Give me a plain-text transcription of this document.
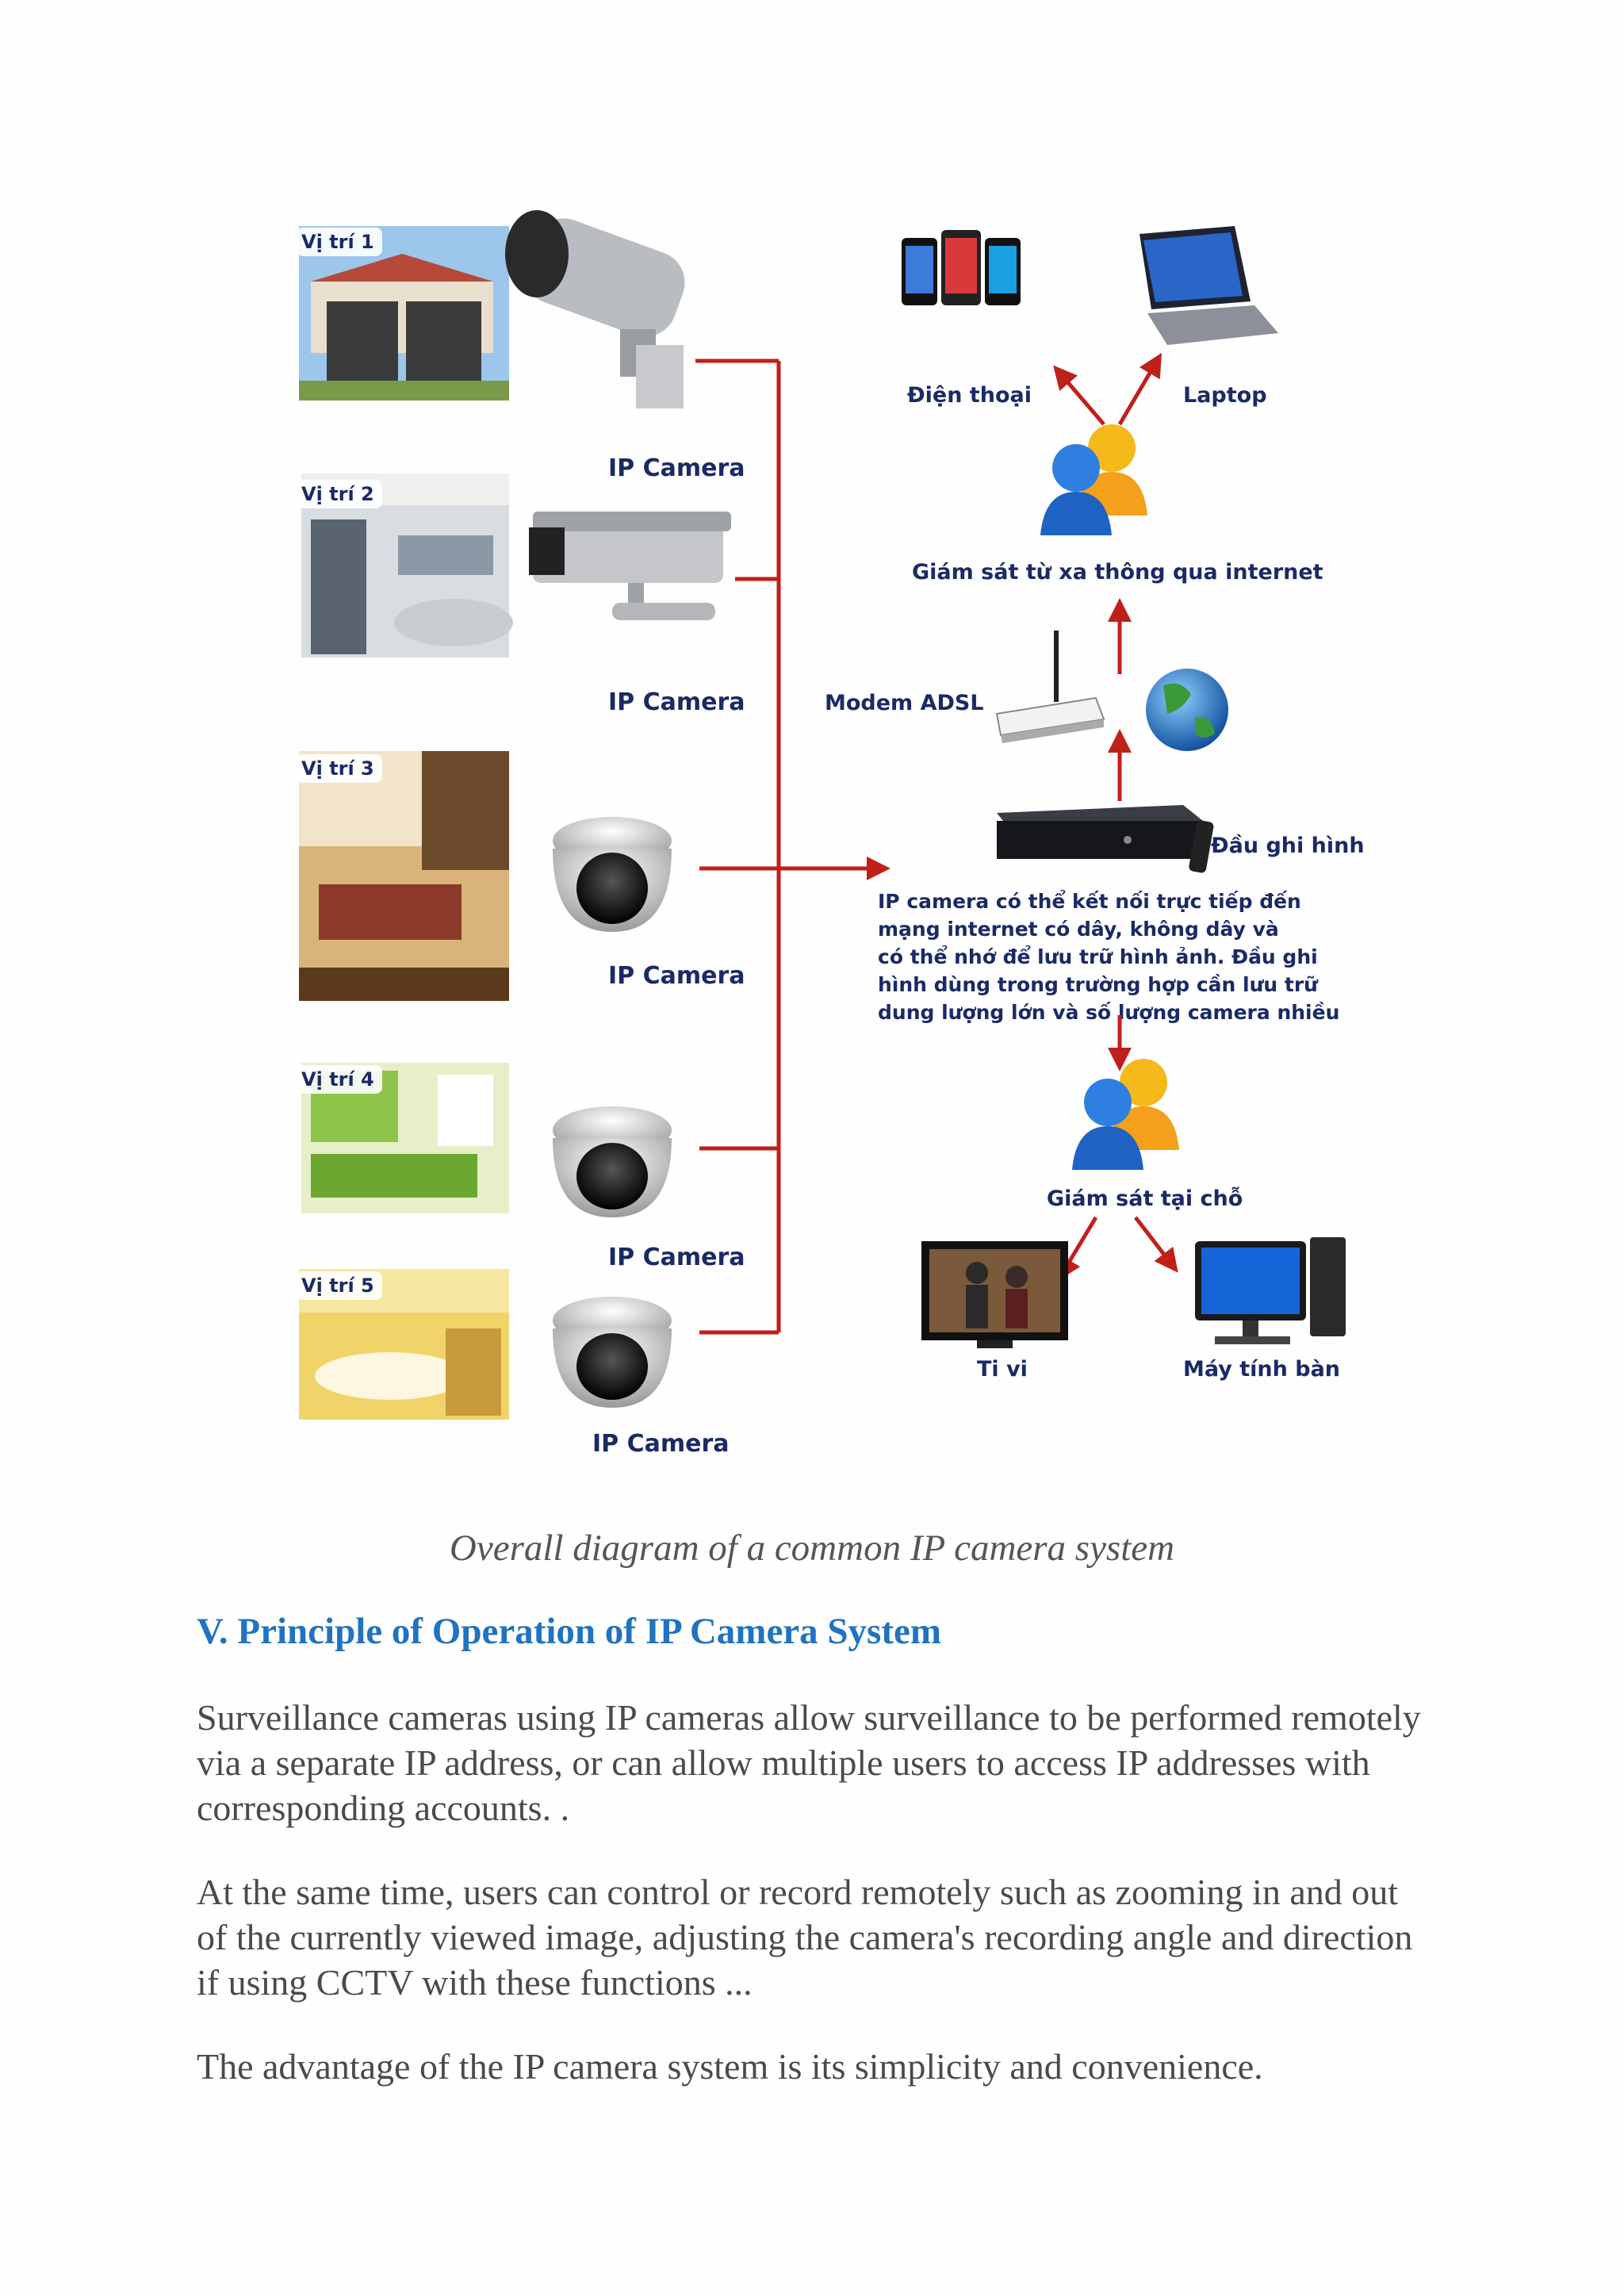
Vị trí 1
Vị trí 2
Vị trí 3
Vị trí 4
Vị trí 5
IP Camera
IP Camera
IP Camera
IP Camera
IP Camera
Điện thoại	Laptop
Giám sát từ xa thông qua internet
Modem ADSL
Đầu ghi hình
IP camera có thể kết nối trực tiếp đến
mạng internet có dây, không dây và
có thể nhớ để lưu trữ hình ảnh. Đầu ghi
hình dùng trong trường hợp cần lưu trữ
dung lượng lớn và số lượng camera nhiều
Giám sát tại chỗ
Ti vi	Máy tính bàn
Overall diagram of a common IP camera system
V. Principle of Operation of IP Camera System

Surveillance cameras using IP cameras allow surveillance to be performed remotely via a separate IP address, or can allow multiple users to access IP addresses with corresponding accounts. .

At the same time, users can control or record remotely such as zooming in and out of the currently viewed image, adjusting the camera's recording angle and direction if using CCTV with these functions ...

The advantage of the IP camera system is its simplicity and convenience.
